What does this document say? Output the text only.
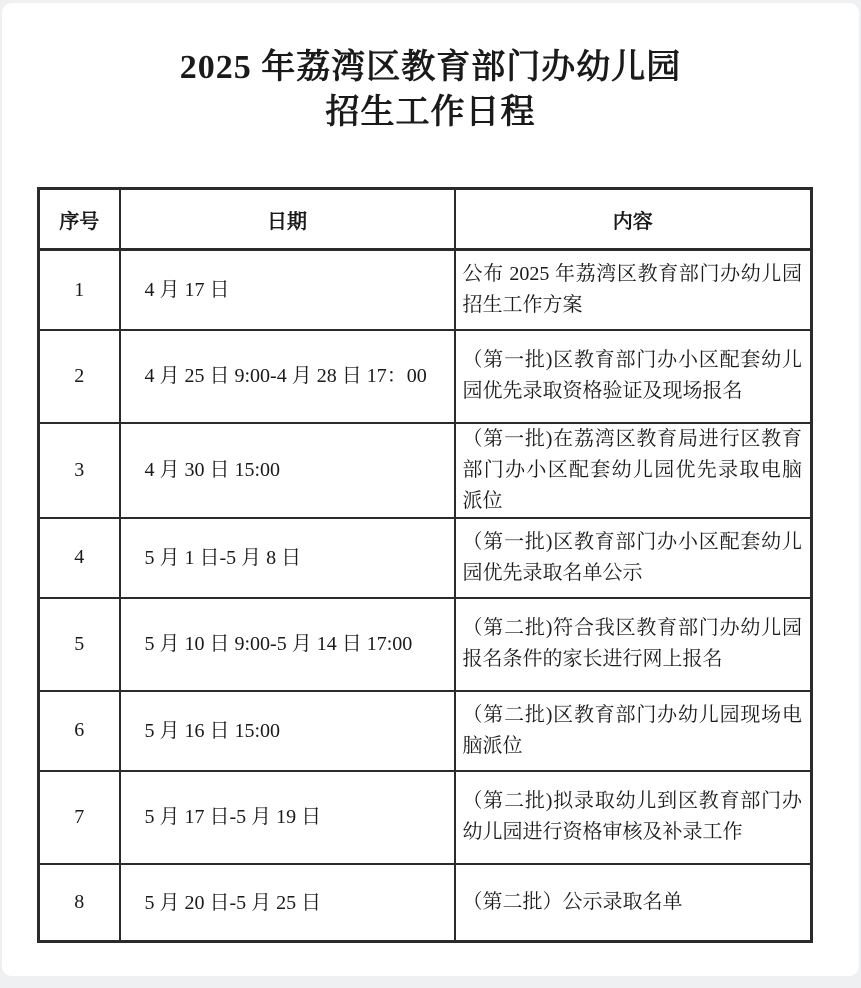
2025 年荔湾区教育部门办幼儿园
招生工作日程
序号	日期	内容
1	4 月 17 日	公布 2025 年荔湾区教育部门办幼儿园招生工作方案
2	4 月 25 日 9:00-4 月 28 日 17：00	（第一批)区教育部门办小区配套幼儿园优先录取资格验证及现场报名
3	4 月 30 日 15:00	（第一批)在荔湾区教育局进行区教育部门办小区配套幼儿园优先录取电脑派位
4	5 月 1 日-5 月 8 日	（第一批)区教育部门办小区配套幼儿园优先录取名单公示
5	5 月 10 日 9:00-5 月 14 日 17:00	（第二批)符合我区教育部门办幼儿园报名条件的家长进行网上报名
6	5 月 16 日 15:00	（第二批)区教育部门办幼儿园现场电脑派位
7	5 月 17 日-5 月 19 日	（第二批)拟录取幼儿到区教育部门办幼儿园进行资格审核及补录工作
8	5 月 20 日-5 月 25 日	（第二批）公示录取名单
